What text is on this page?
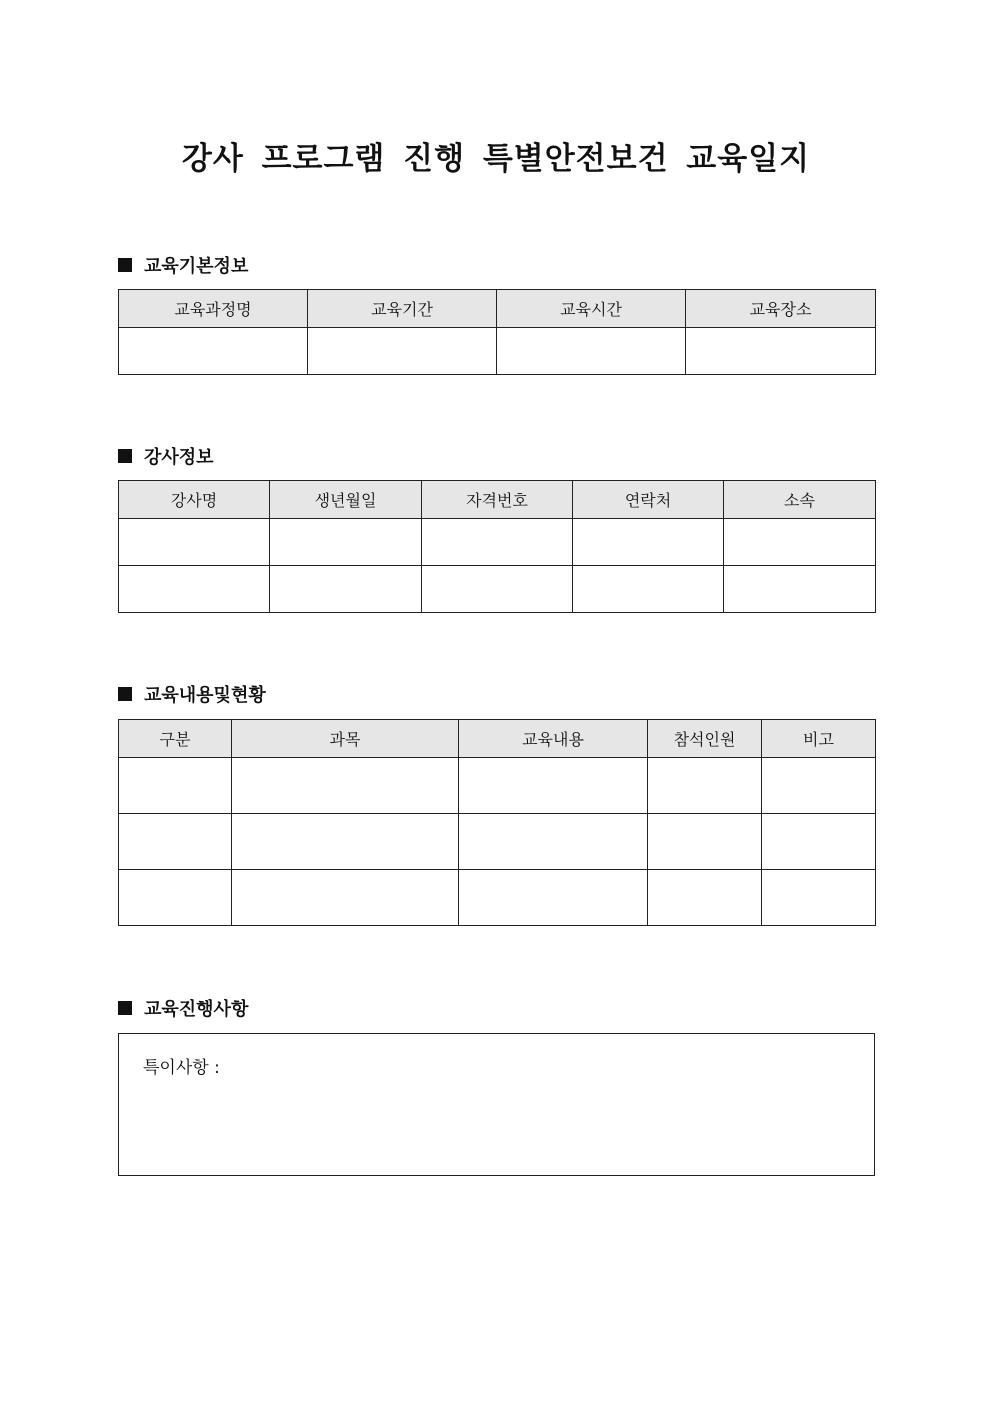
강사 프로그램 진행 특별안전보건 교육일지
교육기본정보
교육과정명	교육기간	교육시간	교육장소

강사정보
강사명	생년월일	자격번호	연락처	소속

교육내용및현황
구분	과목	교육내용	참석인원	비고

교육진행사항
특이사항 :
